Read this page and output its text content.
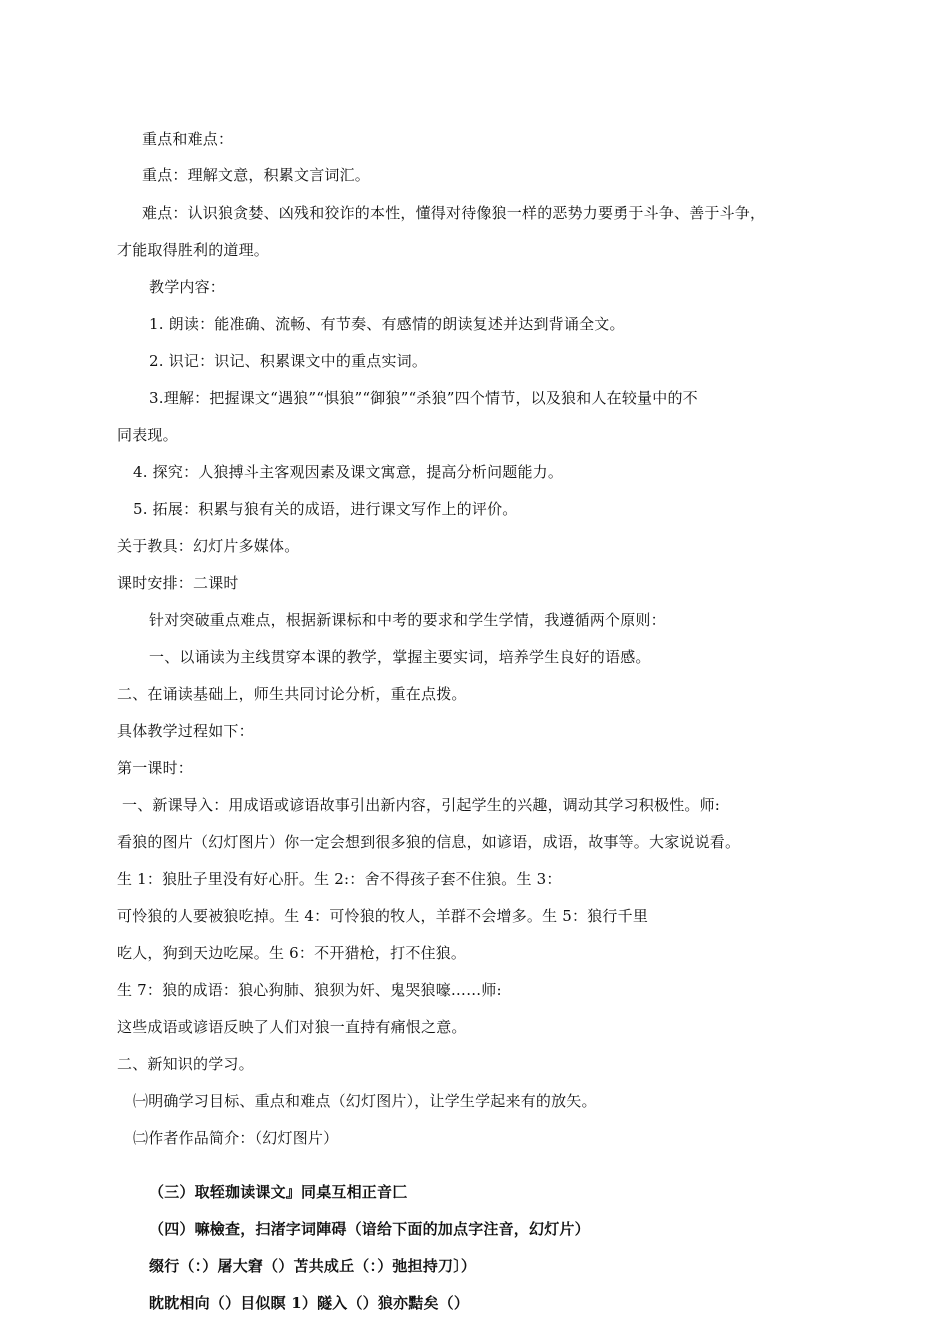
重点和难点：
重点：理解文意，积累文言词汇。
难点：认识狼贪婪、凶残和狡诈的本性，懂得对待像狼一样的恶势力要勇于斗争、善于斗争，
才能取得胜利的道理。
教学内容：
1. 朗读：能准确、流畅、有节奏、有感情的朗读复述并达到背诵全文。
2. 识记：识记、积累课文中的重点实词。
3.理解：把握课文“遇狼”“惧狼”“御狼”“杀狼”四个情节，以及狼和人在较量中的不
同表现。
4. 探究：人狼搏斗主客观因素及课文寓意，提高分析问题能力。
5. 拓展：积累与狼有关的成语，进行课文写作上的评价。
关于教具：幻灯片多媒体。
课时安排：二课时
针对突破重点难点，根据新课标和中考的要求和学生学情，我遵循两个原则：
一、以诵读为主线贯穿本课的教学，掌握主要实词，培养学生良好的语感。
二、在诵读基础上，师生共同讨论分析，重在点拨。
具体教学过程如下：
第一课时：
一、新课导入：用成语或谚语故事引出新内容，引起学生的兴趣，调动其学习积极性。师:
看狼的图片（幻灯图片）你一定会想到很多狼的信息，如谚语，成语，故事等。大家说说看。
生 1：狼肚子里没有好心肝。生 2:：舍不得孩子套不住狼。生 3：
可怜狼的人要被狼吃掉。生 4：可怜狼的牧人，羊群不会增多。生 5：狼行千里
吃人，狗到天边吃屎。生 6：不开猎枪，打不住狼。
生 7：狼的成语：狼心狗肺、狼狈为奸、鬼哭狼嚎……师:
这些成语或谚语反映了人们对狼一直持有痛恨之意。
二、新知识的学习。
㈠明确学习目标、重点和难点（幻灯图片），让学生学起来有的放矢。
㈡作者作品简介：（幻灯图片）
（三）取轾珈读课文』同桌互相正音匚
（四）嘛檢查，扫渚字词陣碍（谙给下面的加点字注音，幻灯片）
缀行（：）屠大窘（）苫共成丘（：）弛担持刀〕）
眈眈相向（）目似瞑 1）隧入（）狼亦黠矣（）
